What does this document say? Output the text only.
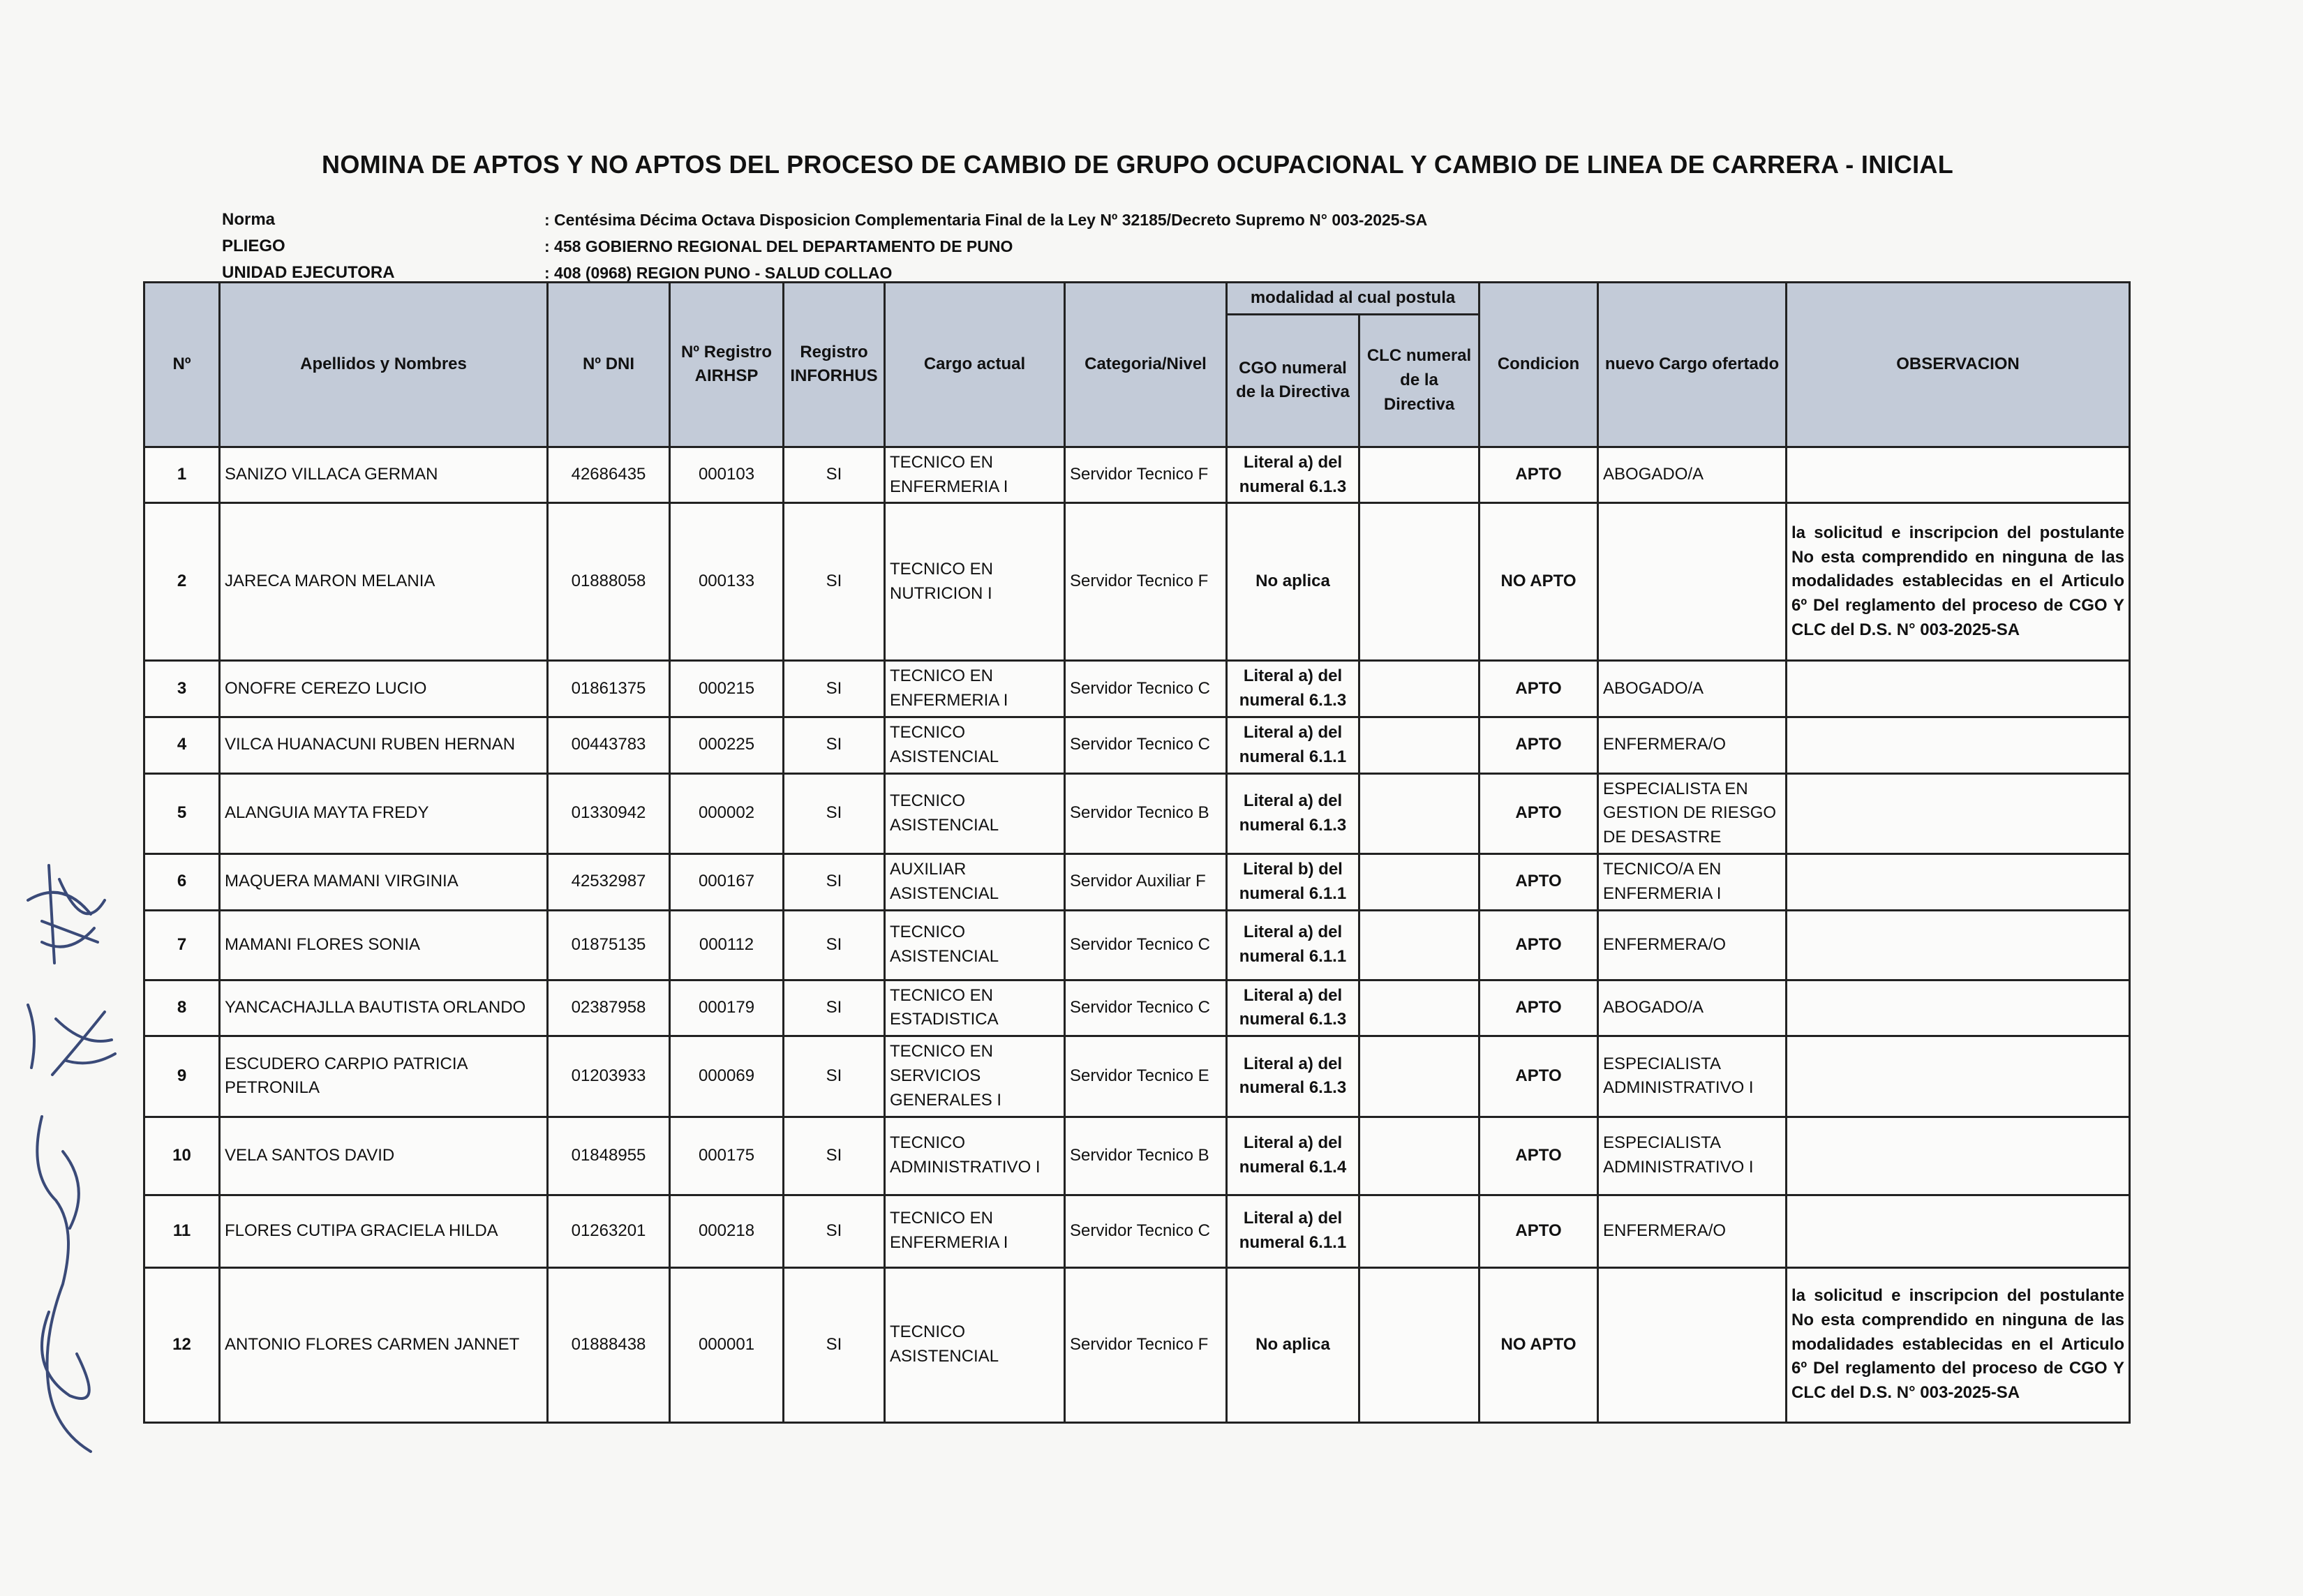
NOMINA DE APTOS Y NO APTOS DEL PROCESO DE CAMBIO DE GRUPO OCUPACIONAL Y CAMBIO DE LINEA DE CARRERA - INICIAL
Norma	: Centésima Décima Octava Disposicion Complementaria Final de la Ley Nº 32185/Decreto Supremo N° 003-2025-SA
PLIEGO	: 458 GOBIERNO REGIONAL DEL DEPARTAMENTO DE PUNO
UNIDAD EJECUTORA	: 408 (0968) REGION PUNO - SALUD COLLAO
Nº	Apellidos y Nombres	Nº DNI	Nº Registro AIRHSP	Registro INFORHUS	Cargo actual	Categoria/Nivel	modalidad al cual postula		Condicion	nuevo Cargo ofertado	OBSERVACION
							CGO numeral de la Directiva	CLC numeral de la Directiva			
1	SANIZO VILLACA GERMAN	42686435	000103	SI	TECNICO EN ENFERMERIA I	Servidor Tecnico F	Literal a) del numeral 6.1.3		APTO	ABOGADO/A	
2	JARECA MARON MELANIA	01888058	000133	SI	TECNICO EN NUTRICION I	Servidor Tecnico F	No aplica		NO APTO		la solicitud e inscripcion del postulante No esta comprendido en ninguna de las modalidades establecidas en el Articulo 6º Del reglamento del proceso de CGO Y CLC del D.S. N° 003-2025-SA
3	ONOFRE CEREZO LUCIO	01861375	000215	SI	TECNICO EN ENFERMERIA I	Servidor Tecnico C	Literal a) del numeral 6.1.3		APTO	ABOGADO/A	
4	VILCA HUANACUNI RUBEN HERNAN	00443783	000225	SI	TECNICO ASISTENCIAL	Servidor Tecnico C	Literal a) del numeral 6.1.1		APTO	ENFERMERA/O	
5	ALANGUIA MAYTA FREDY	01330942	000002	SI	TECNICO ASISTENCIAL	Servidor Tecnico B	Literal a) del numeral 6.1.3		APTO	ESPECIALISTA EN GESTION DE RIESGO DE DESASTRE	
6	MAQUERA MAMANI VIRGINIA	42532987	000167	SI	AUXILIAR ASISTENCIAL	Servidor Auxiliar F	Literal b) del numeral 6.1.1		APTO	TECNICO/A EN ENFERMERIA I	
7	MAMANI FLORES SONIA	01875135	000112	SI	TECNICO ASISTENCIAL	Servidor Tecnico C	Literal a) del numeral 6.1.1		APTO	ENFERMERA/O	
8	YANCACHAJLLA BAUTISTA ORLANDO	02387958	000179	SI	TECNICO EN ESTADISTICA	Servidor Tecnico C	Literal a) del numeral 6.1.3		APTO	ABOGADO/A	
9	ESCUDERO CARPIO PATRICIA PETRONILA	01203933	000069	SI	TECNICO EN SERVICIOS GENERALES I	Servidor Tecnico E	Literal a) del numeral 6.1.3		APTO	ESPECIALISTA ADMINISTRATIVO I	
10	VELA SANTOS DAVID	01848955	000175	SI	TECNICO ADMINISTRATIVO I	Servidor Tecnico B	Literal a) del numeral 6.1.4		APTO	ESPECIALISTA ADMINISTRATIVO I	
11	FLORES CUTIPA GRACIELA HILDA	01263201	000218	SI	TECNICO EN ENFERMERIA I	Servidor Tecnico C	Literal a) del numeral 6.1.1		APTO	ENFERMERA/O	
12	ANTONIO FLORES CARMEN JANNET	01888438	000001	SI	TECNICO ASISTENCIAL	Servidor Tecnico F	No aplica		NO APTO		la solicitud e inscripcion del postulante No esta comprendido en ninguna de las modalidades establecidas en el Articulo 6º Del reglamento del proceso de CGO Y CLC del D.S. N° 003-2025-SA
